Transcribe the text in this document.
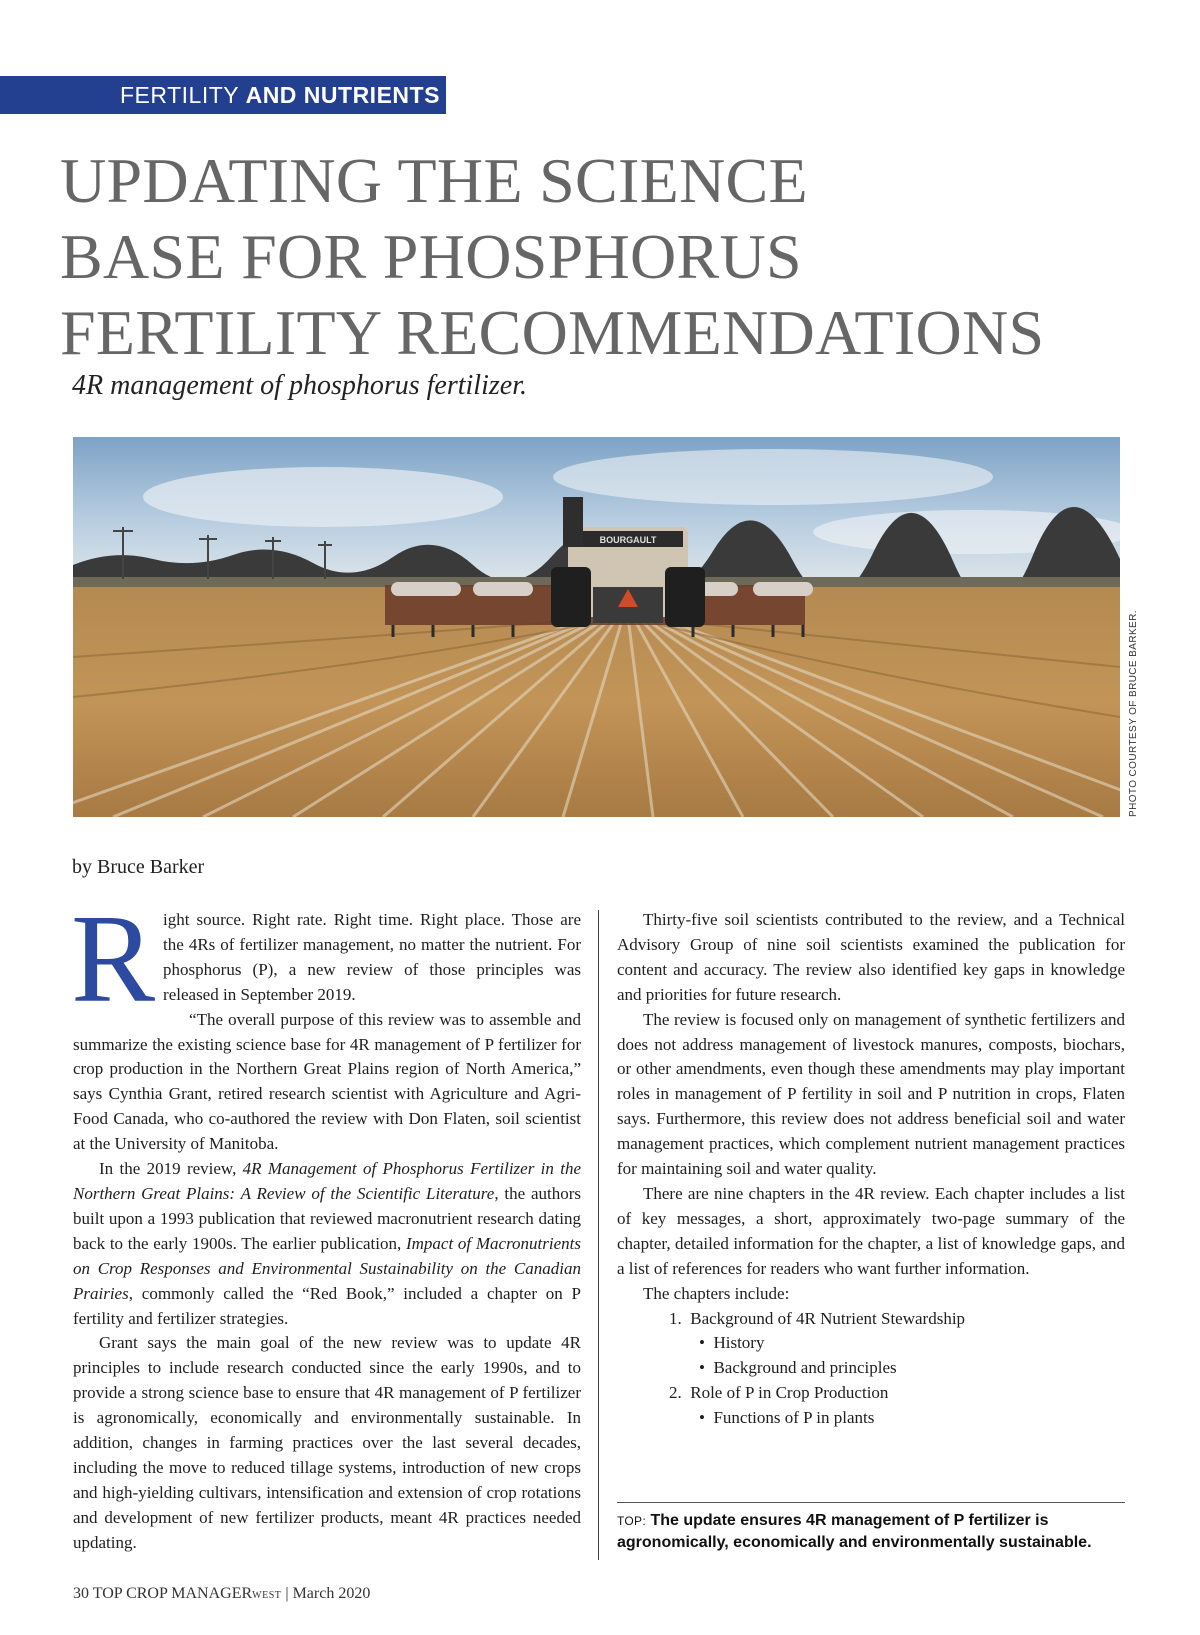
FERTILITY AND NUTRIENTS
UPDATING THE SCIENCE
BASE FOR PHOSPHORUS
FERTILITY RECOMMENDATIONS
4R management of phosphorus fertilizer.
BOURGAULT
PHOTO COURTESY OF BRUCE BARKER.
by Bruce Barker

Right source. Right rate. Right time. Right place. Those are the 4Rs of fertilizer management, no matter the nutrient. For phosphorus (P), a new review of those principles was released in September 2019.

“The overall purpose of this review was to assemble and summarize the existing science base for 4R management of P fertilizer for crop production in the Northern Great Plains region of North America,” says Cynthia Grant, retired research scientist with Agriculture and Agri-Food Canada, who co-authored the review with Don Flaten, soil scientist at the University of Manitoba.

In the 2019 review, 4R Management of Phosphorus Fertilizer in the Northern Great Plains: A Review of the Scientific Literature, the authors built upon a 1993 publication that reviewed macronutrient research dating back to the early 1900s. The earlier publication, Impact of Macronutrients on Crop Responses and Environmental Sustainability on the Canadian Prairies, commonly called the “Red Book,” included a chapter on P fertility and fertilizer strategies.

Grant says the main goal of the new review was to update 4R principles to include research conducted since the early 1990s, and to provide a strong science base to ensure that 4R management of P fertilizer is agronomically, economically and environmentally sustainable. In addition, changes in farming practices over the last several decades, including the move to reduced tillage systems, introduction of new crops and high-yielding cultivars, intensification and extension of crop rotations and development of new fertilizer products, meant 4R practices needed updating.

Thirty-five soil scientists contributed to the review, and a Technical Advisory Group of nine soil scientists examined the publication for content and accuracy. The review also identified key gaps in knowledge and priorities for future research.

The review is focused only on management of synthetic fertilizers and does not address management of livestock manures, composts, biochars, or other amendments, even though these amendments may play important roles in management of P fertility in soil and P nutrition in crops, Flaten says. Furthermore, this review does not address beneficial soil and water management practices, which complement nutrient management practices for maintaining soil and water quality.

There are nine chapters in the 4R review. Each chapter includes a list of key messages, a short, approximately two-page summary of the chapter, detailed information for the chapter, a list of knowledge gaps, and a list of references for readers who want further information.

The chapters include:

1. Background of 4R Nutrient Stewardship

•  History

•  Background and principles

2. Role of P in Crop Production

•  Functions of P in plants

TOP: The update ensures 4R management of P fertilizer is agronomically, economically and environmentally sustainable.
30 TOP CROP MANAGERWEST | March 2020
